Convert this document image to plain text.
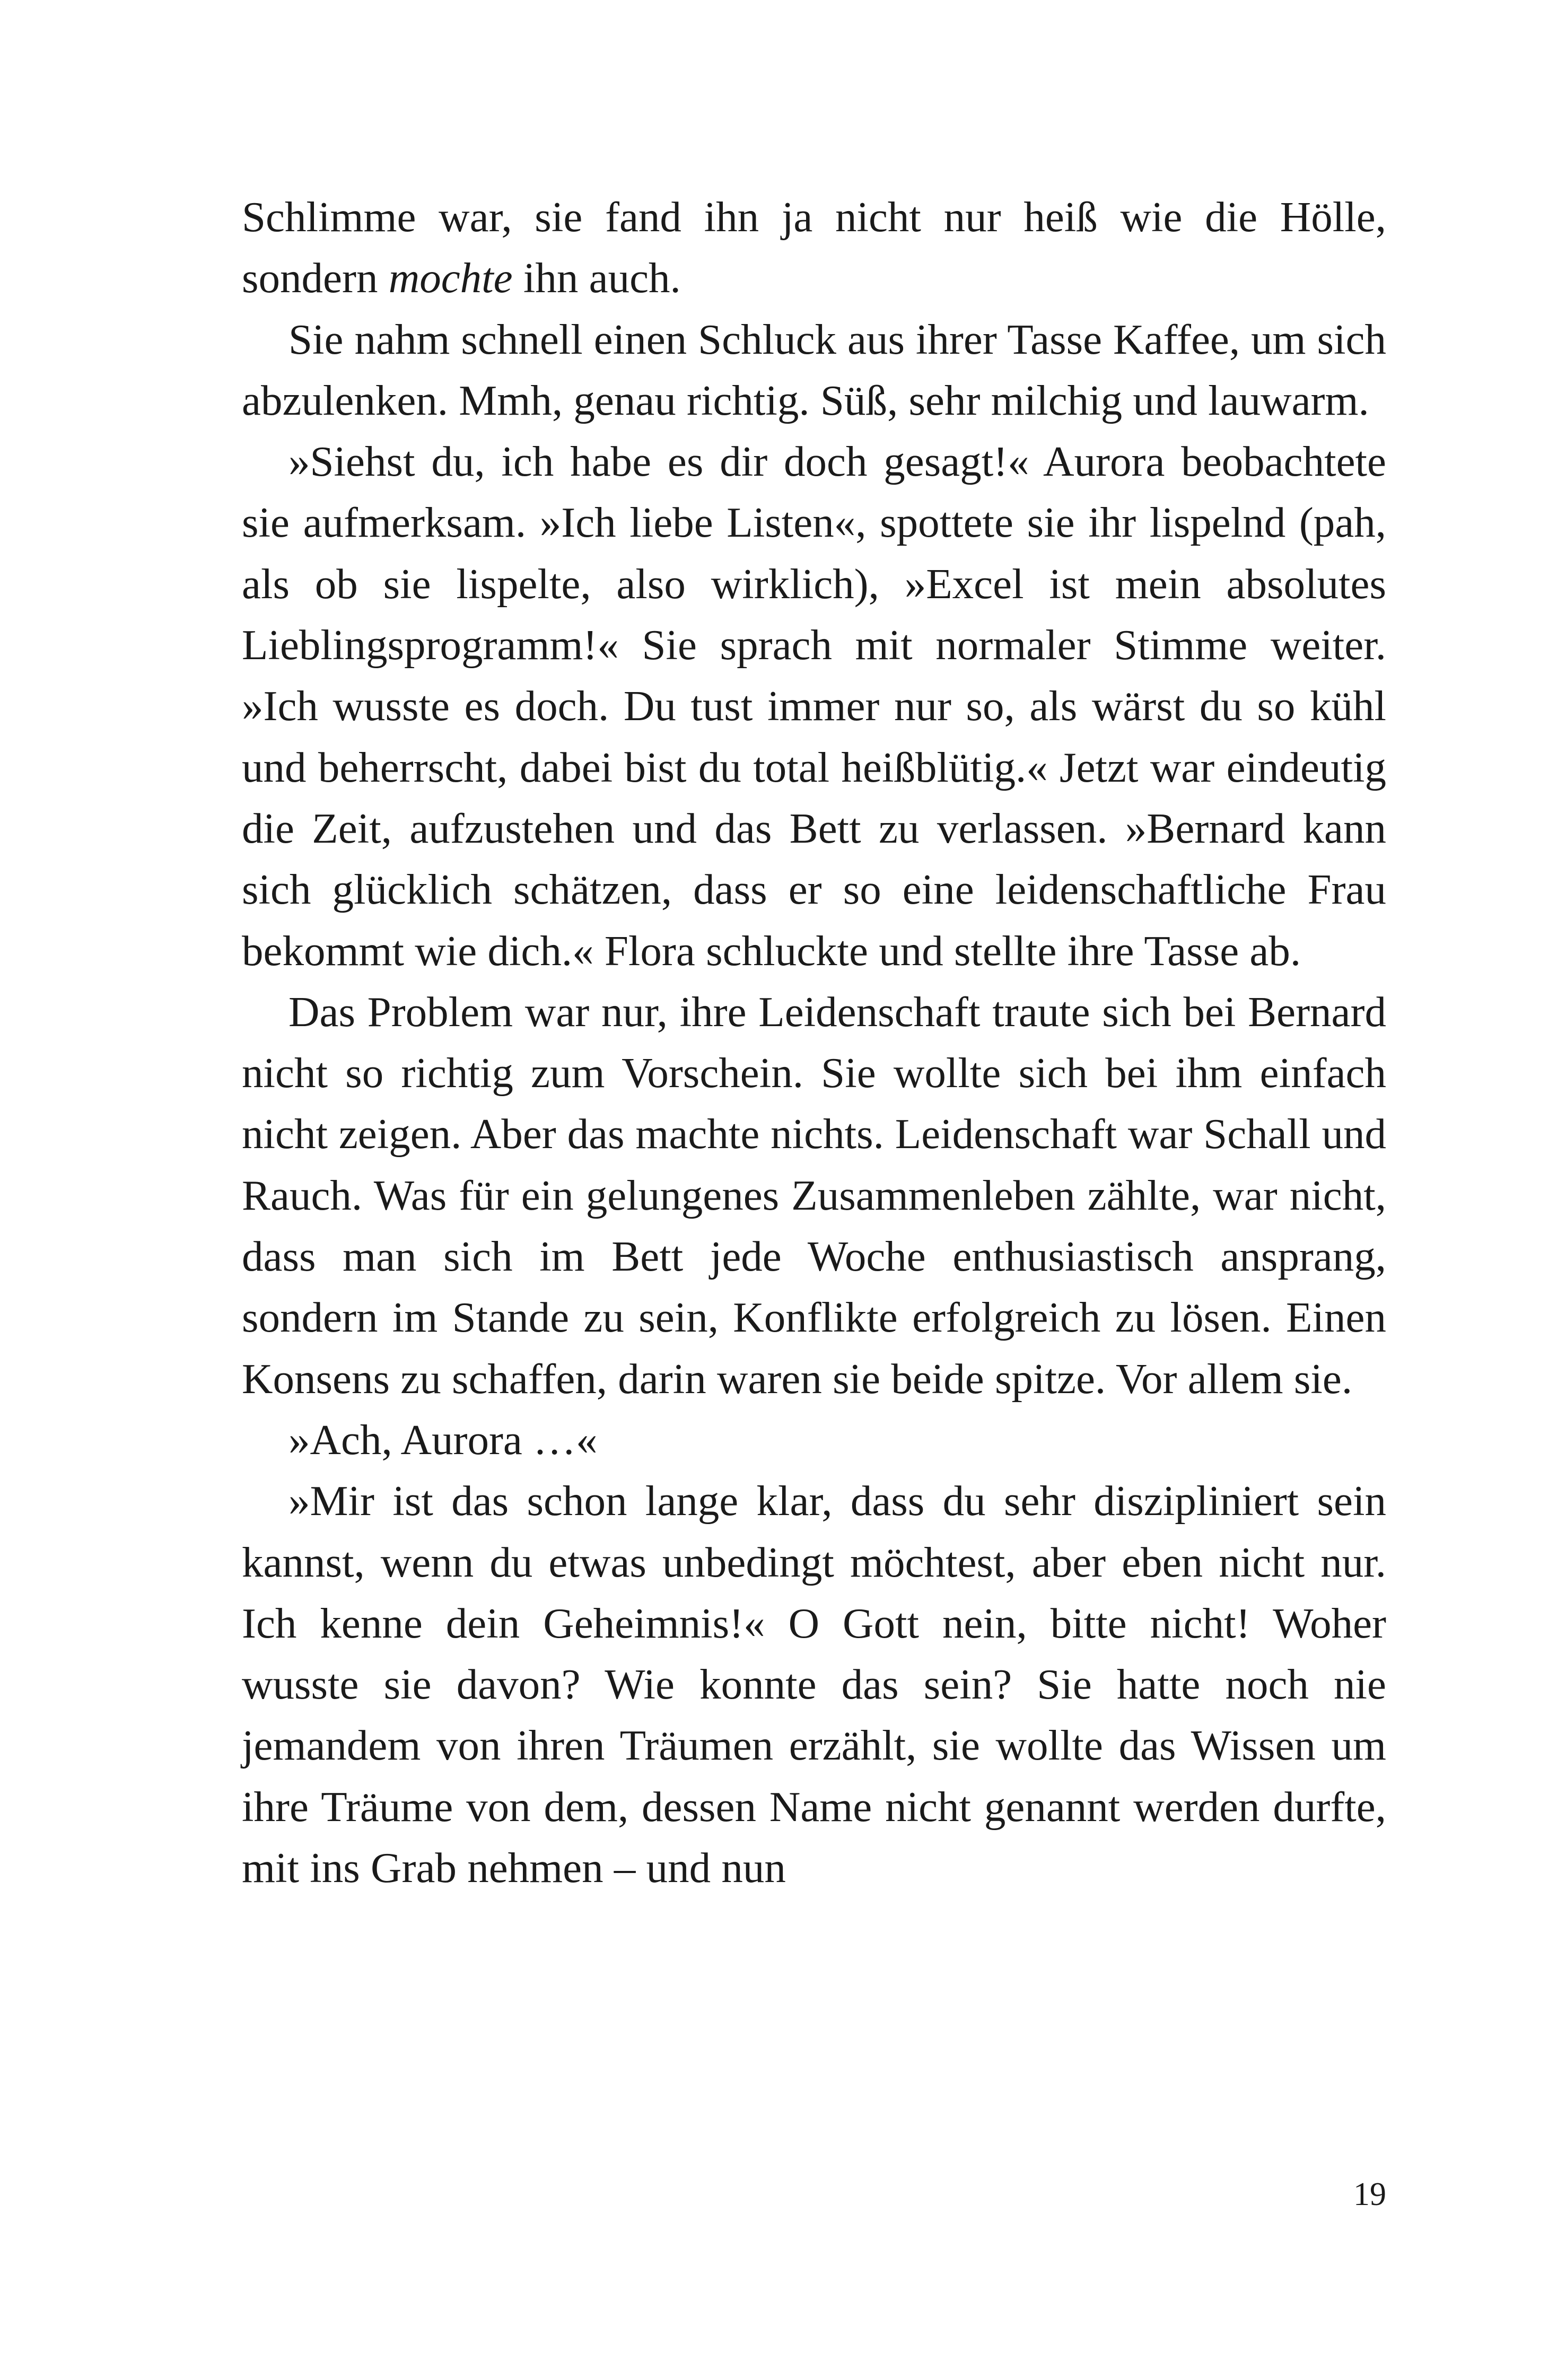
Schlimme war, sie fand ihn ja nicht nur heiß wie die Hölle, sondern mochte ihn auch.

Sie nahm schnell einen Schluck aus ihrer Tasse Kaffee, um sich abzulenken. Mmh, genau richtig. Süß, sehr milchig und lauwarm.

»Siehst du, ich habe es dir doch gesagt!« Aurora beobachtete sie aufmerksam. »Ich liebe Listen«, spottete sie ihr lispelnd (pah, als ob sie lispelte, also wirklich), »Excel ist mein absolutes Lieblingsprogramm!« Sie sprach mit normaler Stimme weiter. »Ich wusste es doch. Du tust immer nur so, als wärst du so kühl und beherrscht, dabei bist du total heißblütig.« Jetzt war eindeutig die Zeit, aufzustehen und das Bett zu verlassen. »Bernard kann sich glücklich schätzen, dass er so eine leidenschaftliche Frau bekommt wie dich.« Flora schluckte und stellte ihre Tasse ab.

Das Problem war nur, ihre Leidenschaft traute sich bei Bernard nicht so richtig zum Vorschein. Sie wollte sich bei ihm einfach nicht zeigen. Aber das machte nichts. Leidenschaft war Schall und Rauch. Was für ein gelungenes Zusammenleben zählte, war nicht, dass man sich im Bett jede Woche enthusiastisch ansprang, sondern im Stande zu sein, Konflikte erfolgreich zu lösen. Einen Konsens zu schaffen, darin waren sie beide spitze. Vor allem sie.

»Ach, Aurora …«

»Mir ist das schon lange klar, dass du sehr diszipliniert sein kannst, wenn du etwas unbedingt möchtest, aber eben nicht nur. Ich kenne dein Geheimnis!« O Gott nein, bitte nicht! Woher wusste sie davon? Wie konnte das sein? Sie hatte noch nie jemandem von ihren Träumen erzählt, sie wollte das Wissen um ihre Träume von dem, dessen Name nicht genannt werden durfte, mit ins Grab nehmen – und nun

19
